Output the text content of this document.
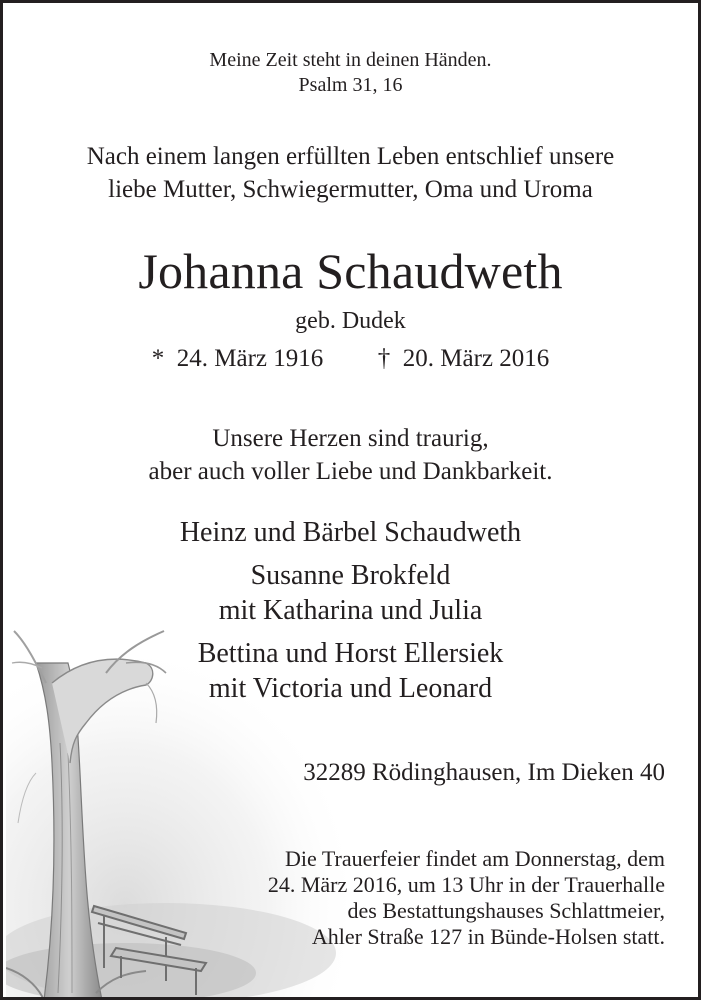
Meine Zeit steht in deinen Händen.
Psalm 31, 16
Nach einem langen erfüllten Leben entschlief unsere
liebe Mutter, Schwiegermutter, Oma und Uroma
Johanna Schaudweth
geb. Dudek
* 24. März 1916 † 20. März 2016
Unsere Herzen sind traurig,
aber auch voller Liebe und Dankbarkeit.
Heinz und Bärbel Schaudweth
Susanne Brokfeld
mit Katharina und Julia
Bettina und Horst Ellersiek
mit Victoria und Leonard
32289 Rödinghausen, Im Dieken 40
Die Trauerfeier findet am Donnerstag, dem
24. März 2016, um 13 Uhr in der Trauerhalle
des Bestattungshauses Schlattmeier,
Ahler Straße 127 in Bünde-Holsen statt.
